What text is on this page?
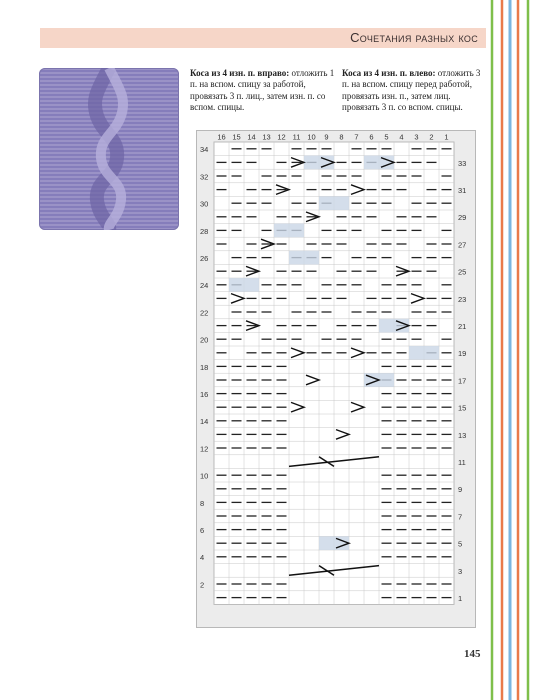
Сочетания разных кос
Коса из 4 изн. п. вправо: отложить 1 п. на вспом. спицу за работой, провязать 3 п. лиц., затем изн. п. со вспом. спицы.
Коса из 4 изн. п. влево: отложить 3 п. на вспом. спицу перед работой, провязать изн. п., затем лиц. провязать 3 п. со вспом. спицы.
16 15 14 13 12 11 10 9 8 7 6 5 4 3 2 1
34
32
30
28
26
24
22
20
18
16
14
12
10
8
6
4
2
33
31
29
27
25
23
21
19
17
15
13
11
9
7
5
3
1
145
